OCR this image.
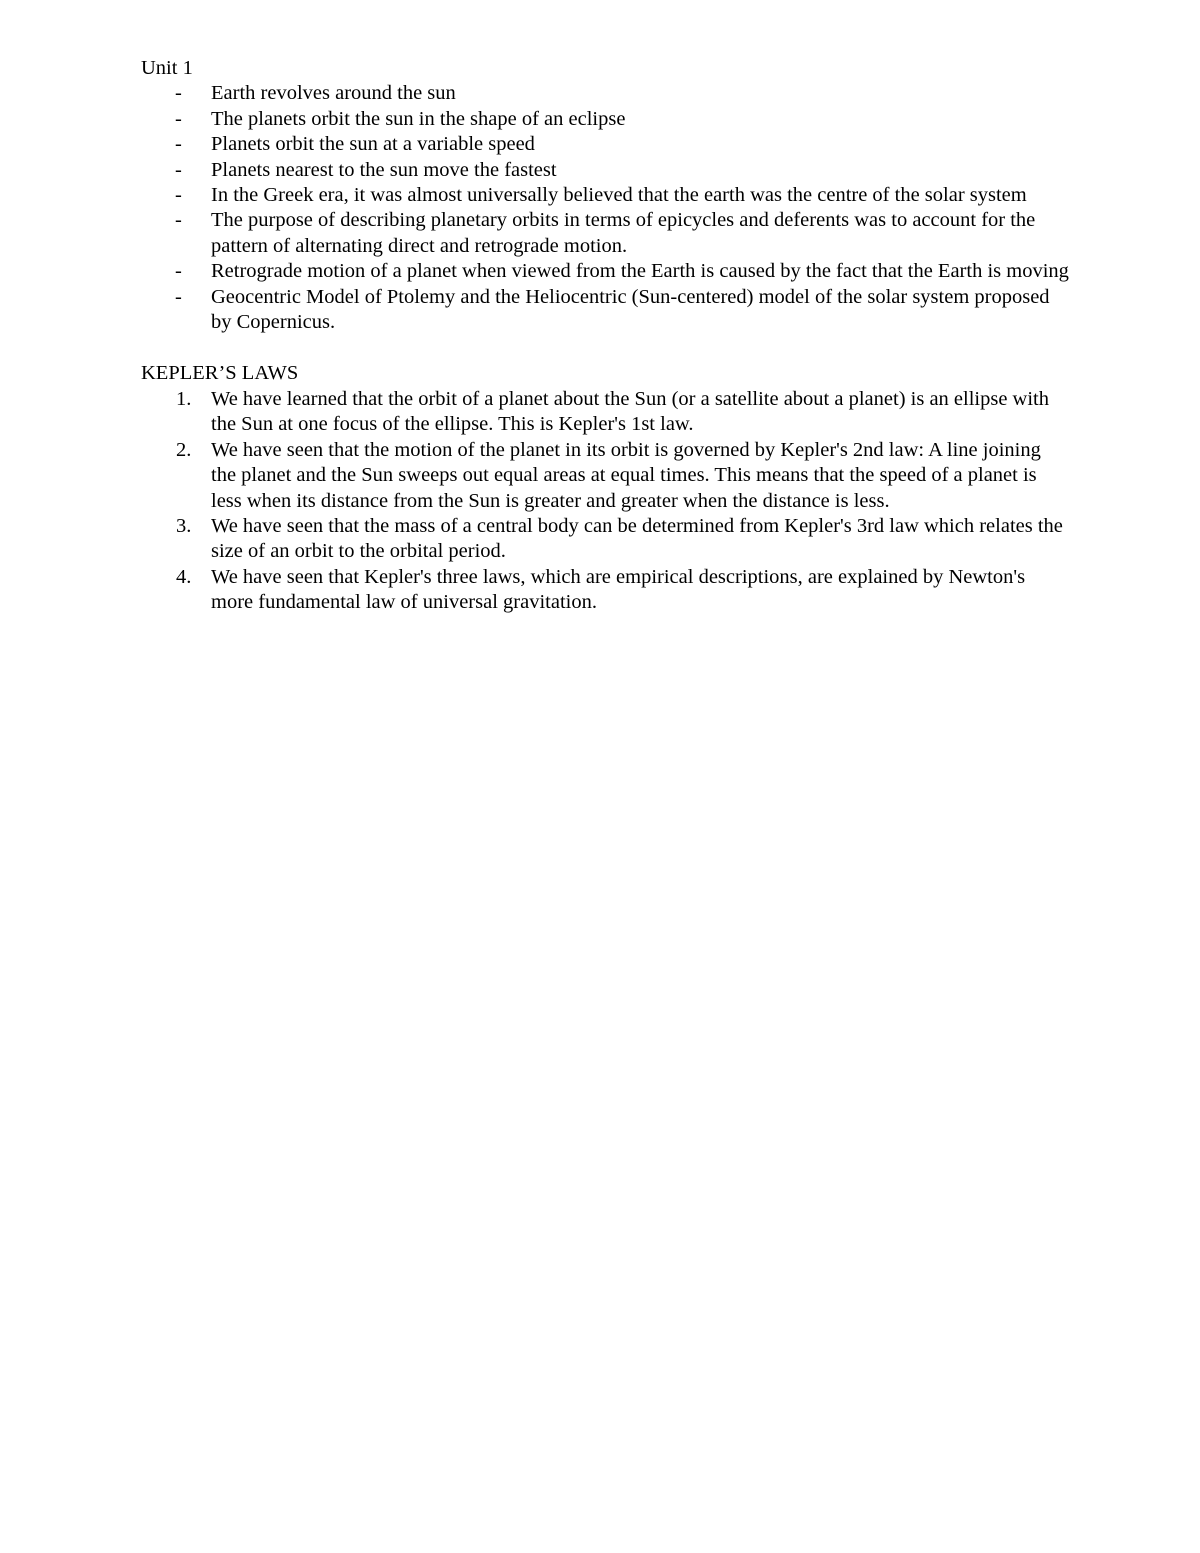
Unit 1
- Earth revolves around the sun
- The planets orbit the sun in the shape of an eclipse
- Planets orbit the sun at a variable speed
- Planets nearest to the sun move the fastest
- In the Greek era, it was almost universally believed that the earth was the centre of the solar system
- The purpose of describing planetary orbits in terms of epicycles and deferents was to account for the pattern of alternating direct and retrograde motion.
- Retrograde motion of a planet when viewed from the Earth is caused by the fact that the Earth is moving
- Geocentric Model of Ptolemy and the Heliocentric (Sun-centered) model of the solar system proposed by Copernicus.
KEPLER’S LAWS
1. We have learned that the orbit of a planet about the Sun (or a satellite about a planet) is an ellipse with the Sun at one focus of the ellipse. This is Kepler's 1st law.
2. We have seen that the motion of the planet in its orbit is governed by Kepler's 2nd law: A line joining the planet and the Sun sweeps out equal areas at equal times. This means that the speed of a planet is less when its distance from the Sun is greater and greater when the distance is less.
3. We have seen that the mass of a central body can be determined from Kepler's 3rd law which relates the size of an orbit to the orbital period.
4. We have seen that Kepler's three laws, which are empirical descriptions, are explained by Newton's more fundamental law of universal gravitation.
